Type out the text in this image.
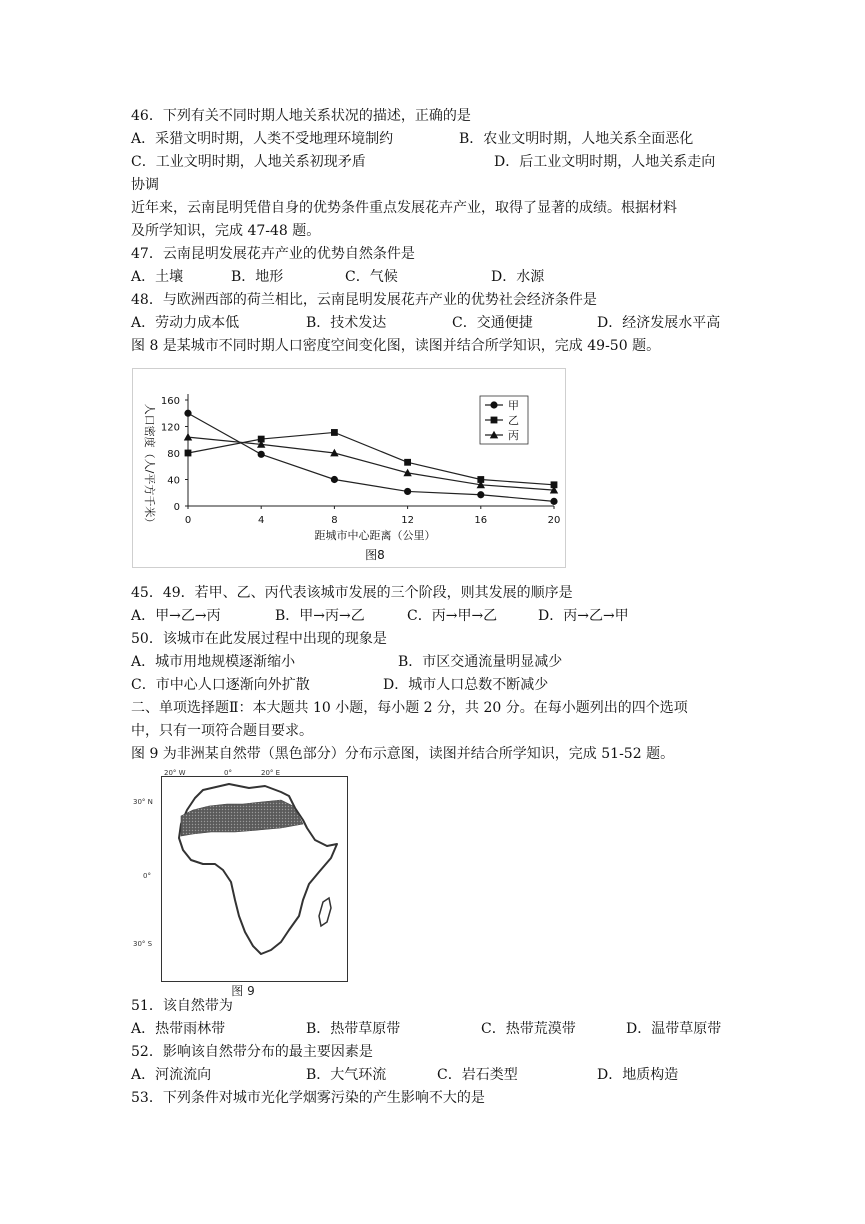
46．下列有关不同时期人地关系状况的描述，正确的是
A．采猎文明时期，人类不受地理环境制约	B．农业文明时期，人地关系全面恶化
C．工业文明时期，人地关系初现矛盾	D．后工业文明时期，人地关系走向
协调
近年来，云南昆明凭借自身的优势条件重点发展花卉产业，取得了显著的成绩。根据材料
及所学知识，完成 47-48 题。
47．云南昆明发展花卉产业的优势自然条件是
A．土壤	B．地形	C．气候	D．水源
48．与欧洲西部的荷兰相比，云南昆明发展花卉产业的优势社会经济条件是
A．劳动力成本低	B．技术发达	C．交通便捷	D．经济发展水平高
图 8 是某城市不同时期人口密度空间变化图，读图并结合所学知识，完成 49-50 题。
0
40
80
120
160
0	4	8	12	16	20
人口密度（人/平方千米）
距城市中心距离（公里）
图8
甲
乙
丙
45．49．若甲、乙、丙代表该城市发展的三个阶段，则其发展的顺序是
A．甲→乙→丙	B．甲→丙→乙	C．丙→甲→乙	D．丙→乙→甲
50．该城市在此发展过程中出现的现象是
A．城市用地规模逐渐缩小	B．市区交通流量明显减少
C．市中心人口逐渐向外扩散	D．城市人口总数不断减少
二、单项选择题Ⅱ：本大题共 10 小题，每小题 2 分，共 20 分。在每小题列出的四个选项
中，只有一项符合题目要求。
图 9 为非洲某自然带（黑色部分）分布示意图，读图并结合所学知识，完成 51-52 题。
20° W	0°	20° E
30° N
0°
30° S
图 9
51．该自然带为
A．热带雨林带	B．热带草原带	C．热带荒漠带	D．温带草原带
52．影响该自然带分布的最主要因素是
A．河流流向	B．大气环流	C．岩石类型	D．地质构造
53．下列条件对城市光化学烟雾污染的产生影响不大的是
